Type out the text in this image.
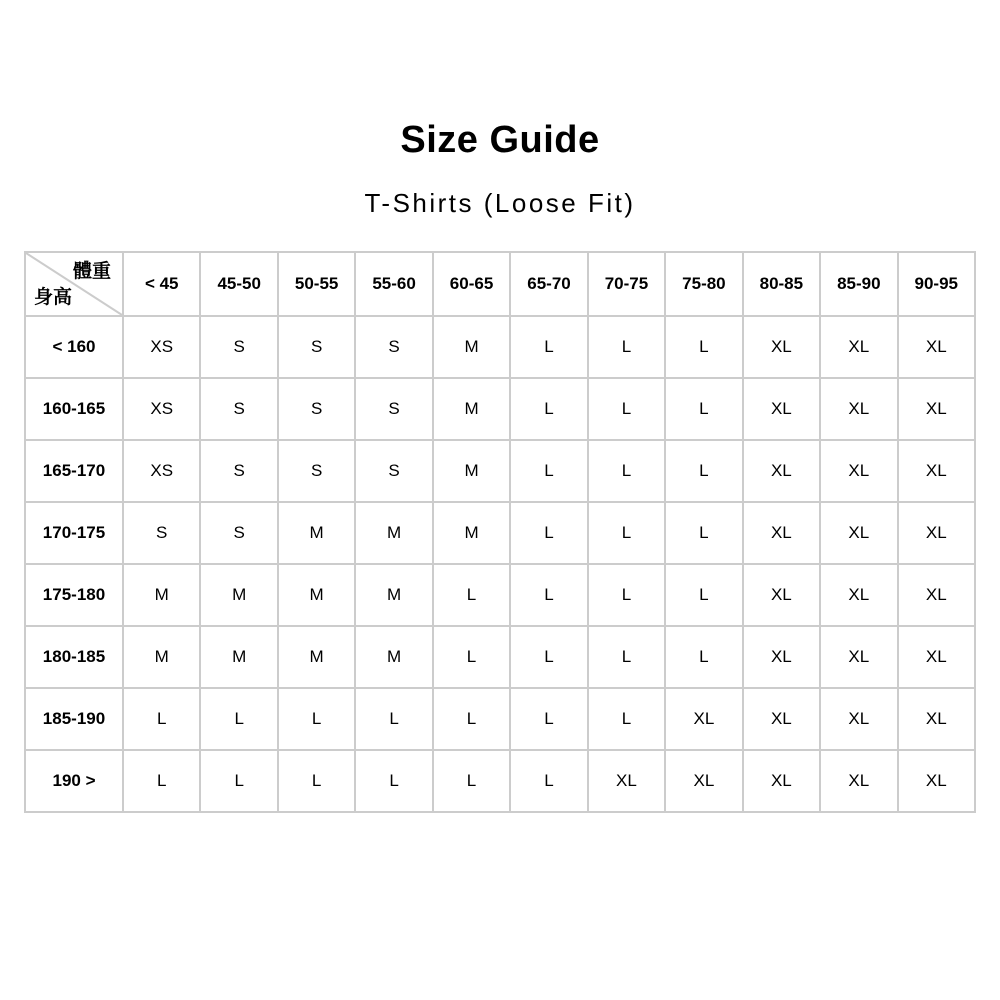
Size Guide
T-Shirts (Loose Fit)
體重
身高	< 45	45-50	50-55	55-60	60-65	65-70	70-75	75-80	80-85	85-90	90-95
< 160	XS	S	S	S	M	L	L	L	XL	XL	XL
160-165	XS	S	S	S	M	L	L	L	XL	XL	XL
165-170	XS	S	S	S	M	L	L	L	XL	XL	XL
170-175	S	S	M	M	M	L	L	L	XL	XL	XL
175-180	M	M	M	M	L	L	L	L	XL	XL	XL
180-185	M	M	M	M	L	L	L	L	XL	XL	XL
185-190	L	L	L	L	L	L	L	XL	XL	XL	XL
190 >	L	L	L	L	L	L	XL	XL	XL	XL	XL
